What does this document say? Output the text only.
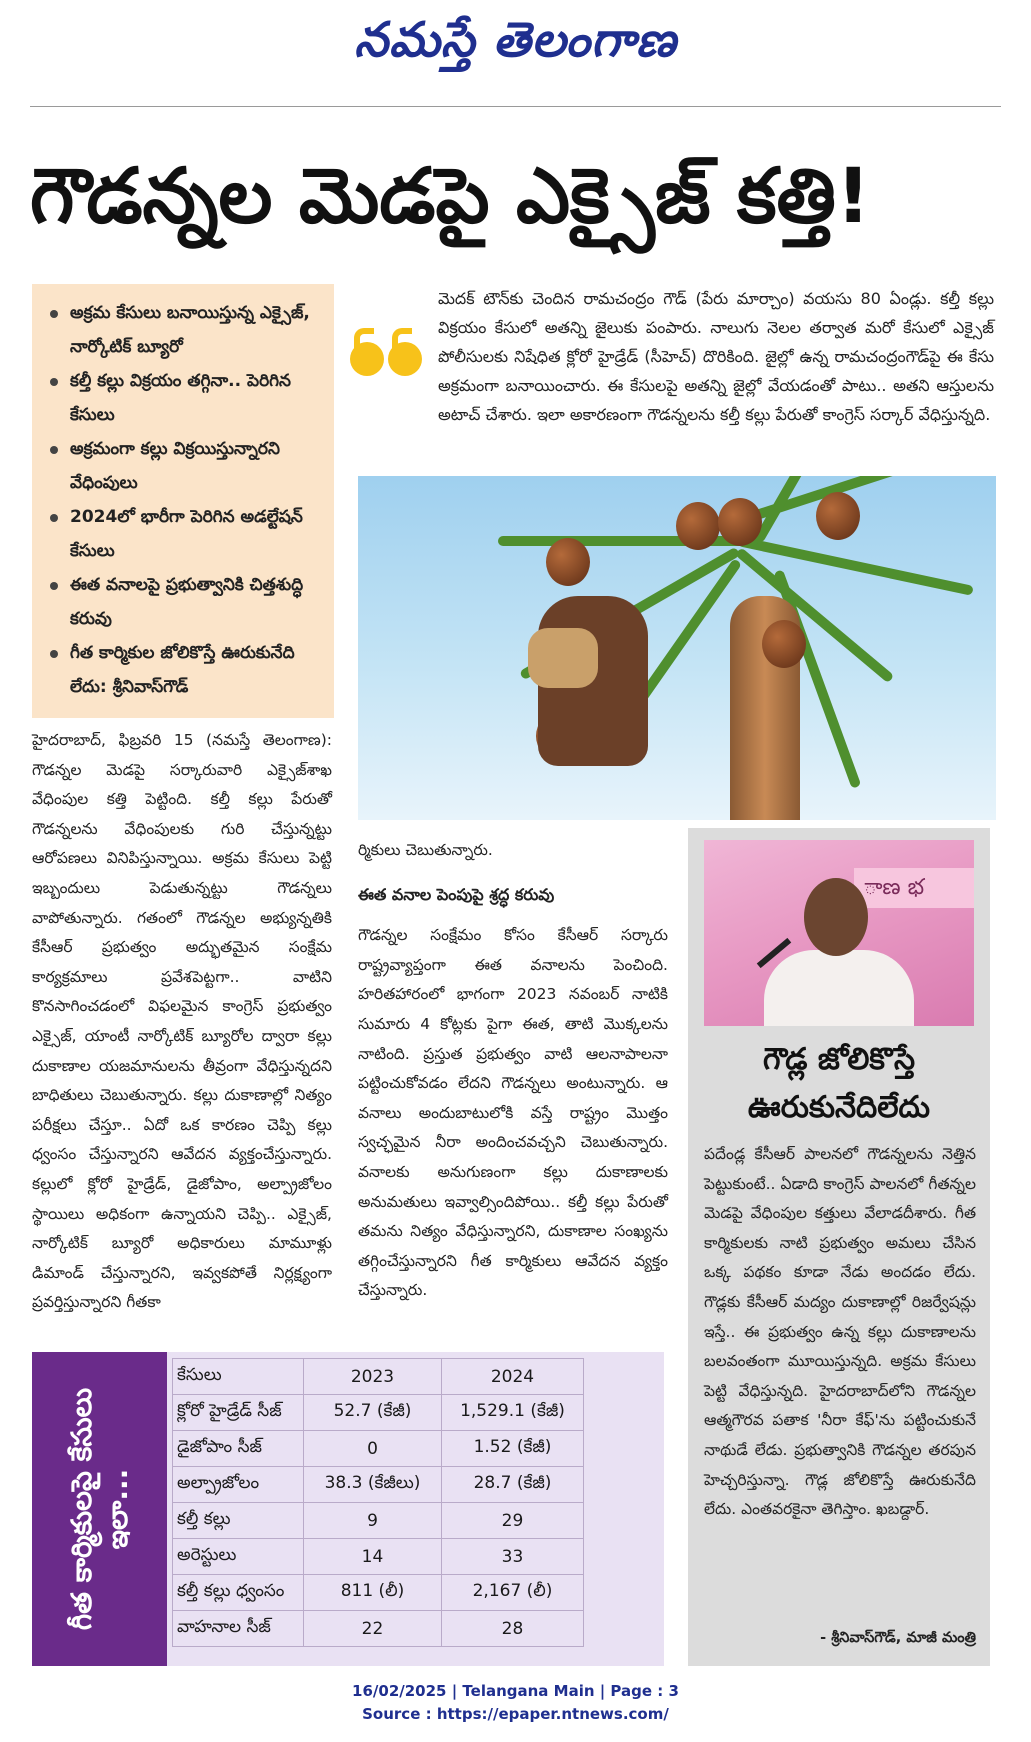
నమస్తే తెలంగాణ
గౌడన్నల మెడపై ఎక్సైజ్ కత్తి!
అక్రమ కేసులు బనాయిస్తున్న ఎక్సైజ్, నార్కోటిక్ బ్యూరో
కల్తీ కల్లు విక్రయం తగ్గినా.. పెరిగిన కేసులు
అక్రమంగా కల్లు విక్రయిస్తున్నారని వేధింపులు
2024లో భారీగా పెరిగిన అడల్టేషన్ కేసులు
ఈత వనాలపై ప్రభుత్వానికి చిత్తశుద్ధి కరువు
గీత కార్మికుల జోలికొస్తే ఊరుకునేది లేదు: శ్రీనివాస్‌గౌడ్

మెదక్ టౌన్‌కు చెందిన రామచంద్రం గౌడ్ (పేరు మార్చాం) వయసు 80 ఏండ్లు. కల్తీ కల్లు విక్రయం కేసులో అతన్ని జైలుకు పంపారు. నాలుగు నెలల తర్వాత మరో కేసులో ఎక్సైజ్ పోలీసులకు నిషేధిత క్లోరో హైడ్రేడ్ (సీహెచ్) దొరికింది. జైల్లో ఉన్న రామచంద్రంగౌడ్‌పై ఈ కేసు అక్రమంగా బనాయించారు. ఈ కేసులపై అతన్ని జైల్లో వేయడంతో పాటు.. అతని ఆస్తులను అటాచ్ చేశారు. ఇలా అకారణంగా గౌడన్నలను కల్తీ కల్లు పేరుతో కాంగ్రెస్ సర్కార్ వేధిస్తున్నది.

హైదరాబాద్, ఫిబ్రవరి 15 (నమస్తే తెలంగాణ): గౌడన్నల మెడపై సర్కారువారి ఎక్సైజ్‌శాఖ వేధింపుల కత్తి పెట్టింది. కల్తీ కల్లు పేరుతో గౌడన్నలను వేధింపులకు గురి చేస్తున్నట్టు ఆరోపణలు వినిపిస్తున్నాయి. అక్రమ కేసులు పెట్టి ఇబ్బందులు పెడుతున్నట్టు గౌడన్నలు వాపోతున్నారు. గతంలో గౌడన్నల అభ్యున్నతికి కేసీఆర్ ప్రభుత్వం అద్భుతమైన సంక్షేమ కార్యక్రమాలు ప్రవేశపెట్టగా.. వాటిని కొనసాగించడంలో విఫలమైన కాంగ్రెస్ ప్రభుత్వం ఎక్సైజ్, యాంటీ నార్కోటిక్ బ్యూరోల ద్వారా కల్లు దుకాణాల యజమానులను తీవ్రంగా వేధిస్తున్నదని బాధితులు చెబుతున్నారు. కల్లు దుకాణాల్లో నిత్యం పరీక్షలు చేస్తూ.. ఏదో ఒక కారణం చెప్పి కల్లు ధ్వంసం చేస్తున్నారని ఆవేదన వ్యక్తంచేస్తున్నారు. కల్లులో క్లోరో హైడ్రేడ్, డైజోపాం, అల్ప్రాజోలం స్థాయిలు అధికంగా ఉన్నాయని చెప్పి.. ఎక్సైజ్, నార్కోటిక్ బ్యూరో అధికారులు మామూళ్లు డిమాండ్ చేస్తున్నారని, ఇవ్వకపోతే నిర్లక్ష్యంగా ప్రవర్తిస్తున్నారని గీతకా

ర్మికులు చెబుతున్నారు.

ఈత వనాల పెంపుపై శ్రద్ధ కరువు

గౌడన్నల సంక్షేమం కోసం కేసీఆర్ సర్కారు రాష్ట్రవ్యాప్తంగా ఈత వనాలను పెంచింది. హరితహారంలో భాగంగా 2023 నవంబర్ నాటికి సుమారు 4 కోట్లకు పైగా ఈత, తాటి మొక్కలను నాటింది. ప్రస్తుత ప్రభుత్వం వాటి ఆలనాపాలనా పట్టించుకోవడం లేదని గౌడన్నలు అంటున్నారు. ఆ వనాలు అందుబాటులోకి వస్తే రాష్ట్రం మొత్తం స్వచ్ఛమైన నీరా అందించవచ్చని చెబుతున్నారు. వనాలకు అనుగుణంగా కల్లు దుకాణాలకు అనుమతులు ఇవ్వాల్సిందిపోయి.. కల్తీ కల్లు పేరుతో తమను నిత్యం వేధిస్తున్నారని, దుకాణాల సంఖ్యను తగ్గించేస్తున్నారని గీత కార్మికులు ఆవేదన వ్యక్తం చేస్తున్నారు.

ాణ భ
గౌడ్ల జోలికొస్తే
ఊరుకునేదిలేదు

పదేండ్ల కేసీఆర్ పాలనలో గౌడన్నలను నెత్తిన పెట్టుకుంటే.. ఏడాది కాంగ్రెస్ పాలనలో గీతన్నల మెడపై వేధింపుల కత్తులు వేలాడదీశారు. గీత కార్మికులకు నాటి ప్రభుత్వం అమలు చేసిన ఒక్క పథకం కూడా నేడు అందడం లేదు. గౌడ్లకు కేసీఆర్ మద్యం దుకాణాల్లో రిజర్వేషన్లు ఇస్తే.. ఈ ప్రభుత్వం ఉన్న కల్లు దుకాణాలను బలవంతంగా మూయిస్తున్నది. అక్రమ కేసులు పెట్టి వేధిస్తున్నది. హైదరాబాద్‌లోని గౌడన్నల ఆత్మగౌరవ పతాక 'నీరా కేఫ్'ను పట్టించుకునే నాథుడే లేడు. ప్రభుత్వానికి గౌడన్నల తరపున హెచ్చరిస్తున్నా. గౌడ్ల జోలికొస్తే ఊరుకునేది లేదు. ఎంతవరకైనా తెగిస్తాం. ఖబడ్దార్.

- శ్రీనివాస్‌గౌడ్, మాజీ మంత్రి

గీత కార్మికులపై కేసులు ఇలా...
కేసులు	2023	2024
క్లోరో హైడ్రేడ్ సీజ్	52.7 (కేజీ)	1,529.1 (కేజీ)
డైజోపాం సీజ్	0	1.52 (కేజీ)
అల్ప్రాజోలం	38.3 (కేజీలు)	28.7 (కేజీ)
కల్తీ కల్లు	9	29
అరెస్టులు	14	33
కల్తీ కల్లు ధ్వంసం	811 (లీ)	2,167 (లీ)
వాహనాల సీజ్	22	28
16/02/2025 | Telangana Main | Page : 3
Source : https://epaper.ntnews.com/
